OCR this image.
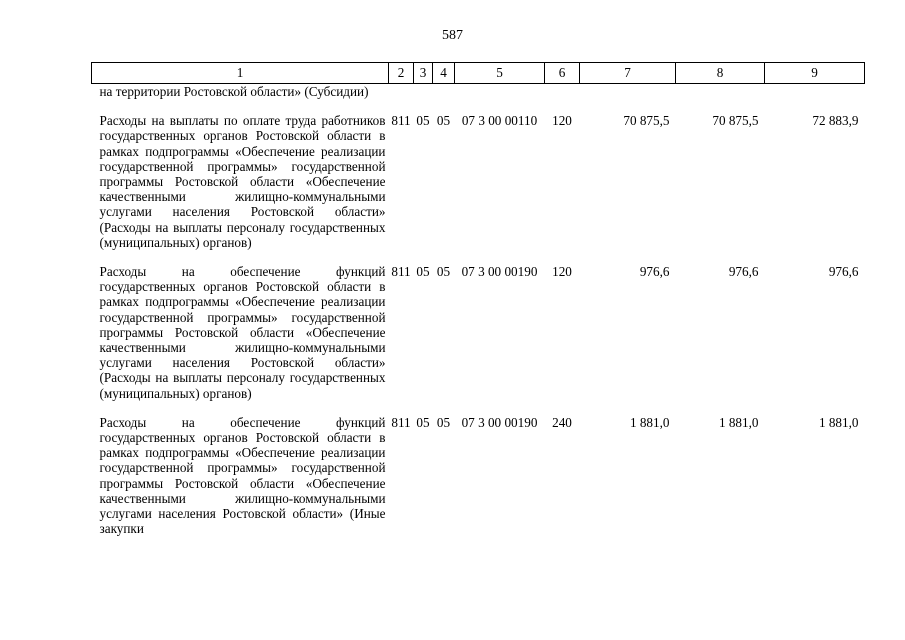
587
1	2	3	4	5	6	7	8	9
на территории Ростовской области» (Субсидии)								

Расходы на выплаты по оплате труда работников государственных органов Ростовской области в рамках подпрограммы «Обеспечение реализации государственной программы» государственной программы Ростовской области «Обеспечение качественными жилищно-коммунальными услугами населения Ростовской области» (Расходы на выплаты персоналу государственных (муниципальных) органов)	811	05	05	07 3 00 00110	120	70 875,5	70 875,5	72 883,9

Расходы на обеспечение функций государственных органов Ростовской области в рамках подпрограммы «Обеспечение реализации государственной программы» государственной программы Ростовской области «Обеспечение качественными жилищно-коммунальными услугами населения Ростовской области» (Расходы на выплаты персоналу государственных (муниципальных) органов)	811	05	05	07 3 00 00190	120	976,6	976,6	976,6

Расходы на обеспечение функций государственных органов Ростовской области в рамках подпрограммы «Обеспечение реализации государственной программы» государственной программы Ростовской области «Обеспечение качественными жилищно-коммунальными услугами населения Ростовской области» (Иные закупки	811	05	05	07 3 00 00190	240	1 881,0	1 881,0	1 881,0
